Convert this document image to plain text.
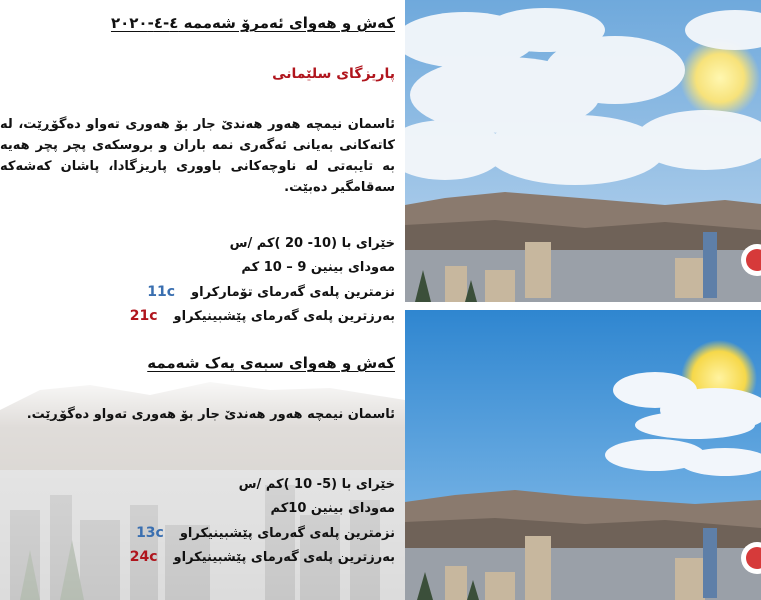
کەش و هەوای ئەمرۆ شەممە ٤-٤-٢٠٢٠
پاریزگای سلێمانی
ئاسمان نیمچە هەور هەندێ جار بۆ هەوری تەواو دەگۆڕێت، لە کاتەکانی بەیانی ئەگەری نمە باران و بروسکەی پچر پچر هەیە بە تایبەتی لە ناوچەکانی باووری پاریزگادا، پاشان کەشەکە سەقامگیر دەبێت.
خێرای با (10- 20 )کم /س
مەودای بینین 9 – 10 کم
نزمترین پلەی گەرمای تۆمارکراو
11c
بەرزترین پلەی گەرمای پێشبینیکراو
21c
کەش و هەوای سبەی یەک شەممە
ئاسمان نیمچە هەور هەندێ جار بۆ هەوری تەواو دەگۆڕێت.
خێرای با (5- 10 )کم /س
مەودای بینین 10کم
نزمترین پلەی گەرمای پێشبینیکراو
13c
بەرزترین پلەی گەرمای پێشبینیکراو
24c
